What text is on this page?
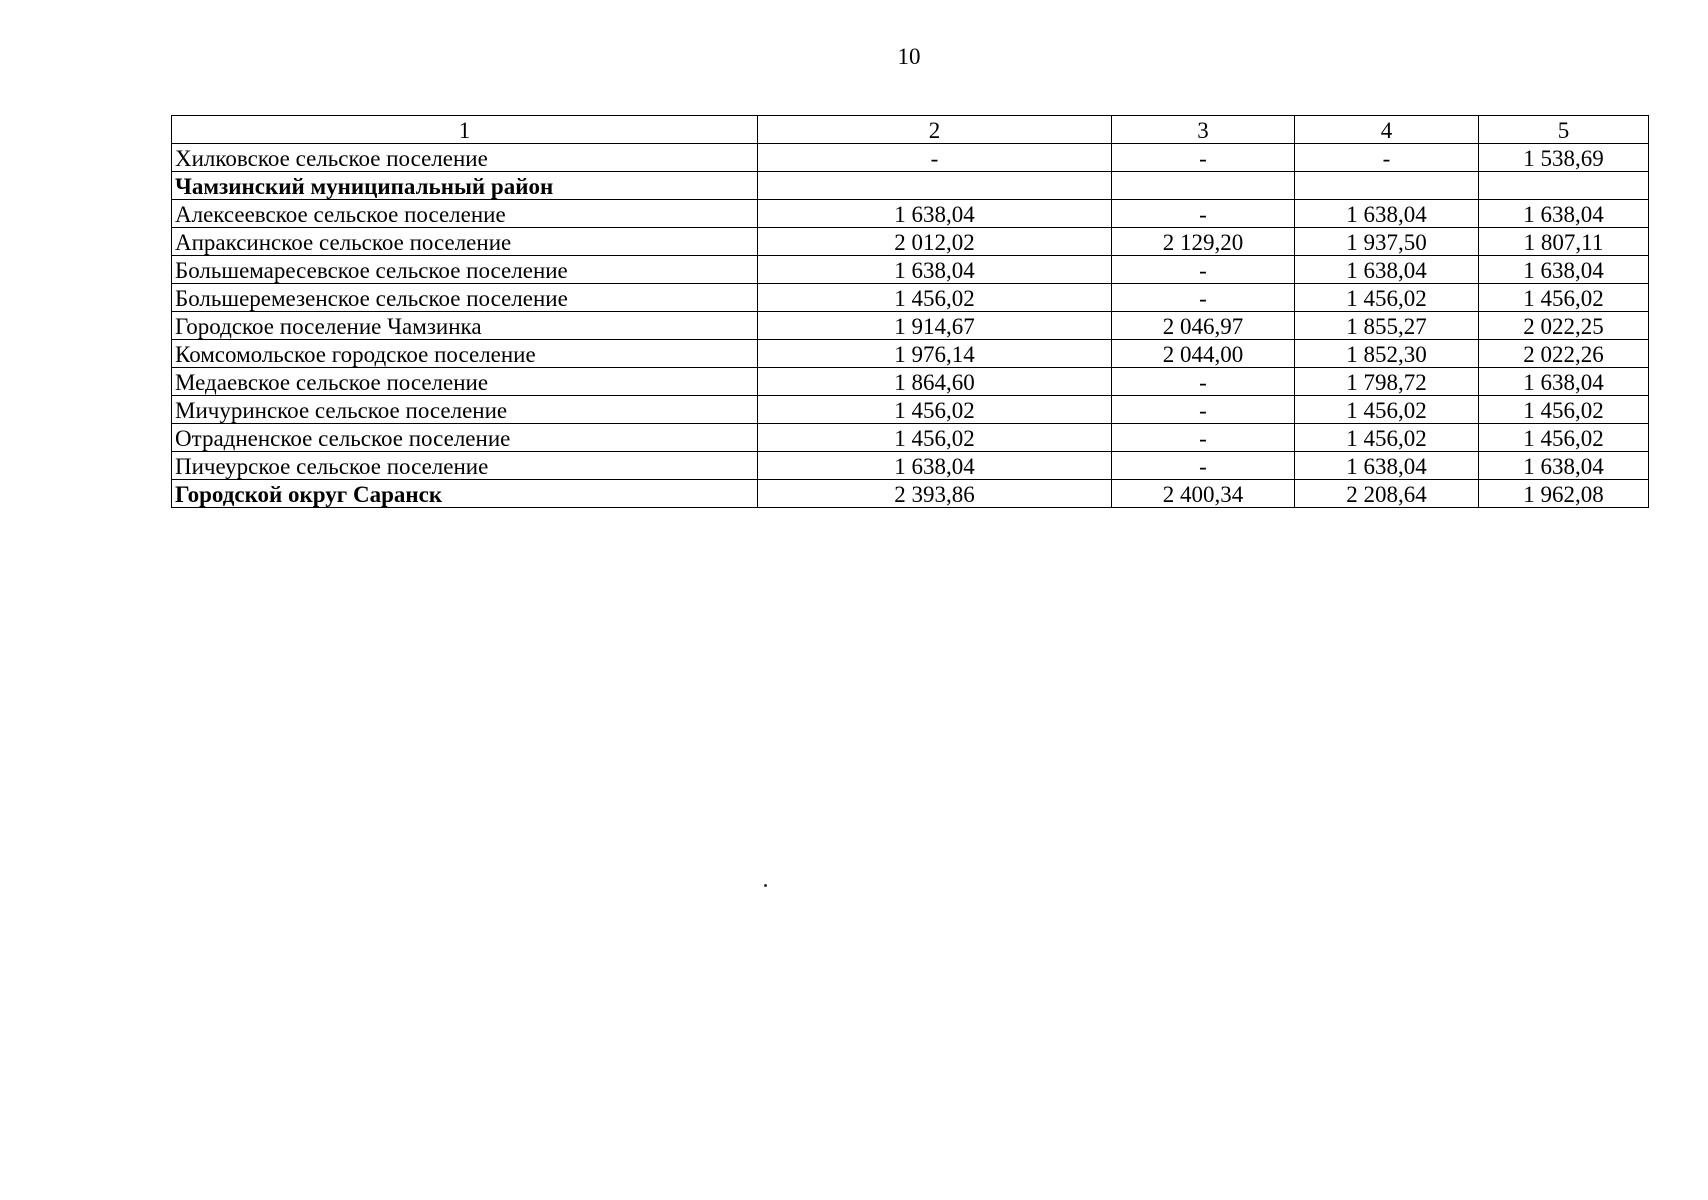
10
1	2	3	4	5
Хилковское сельское поселение	-	-	-	1 538,69
Чамзинский муниципальный район				
Алексеевское сельское поселение	1 638,04	-	1 638,04	1 638,04
Апраксинское сельское поселение	2 012,02	2 129,20	1 937,50	1 807,11
Большемаресевское сельское поселение	1 638,04	-	1 638,04	1 638,04
Большеремезенское сельское поселение	1 456,02	-	1 456,02	1 456,02
Городское поселение Чамзинка	1 914,67	2 046,97	1 855,27	2 022,25
Комсомольское городское поселение	1 976,14	2 044,00	1 852,30	2 022,26
Медаевское сельское поселение	1 864,60	-	1 798,72	1 638,04
Мичуринское сельское поселение	1 456,02	-	1 456,02	1 456,02
Отрадненское сельское поселение	1 456,02	-	1 456,02	1 456,02
Пичеурское сельское поселение	1 638,04	-	1 638,04	1 638,04
Городской округ Саранск	2 393,86	2 400,34	2 208,64	1 962,08
